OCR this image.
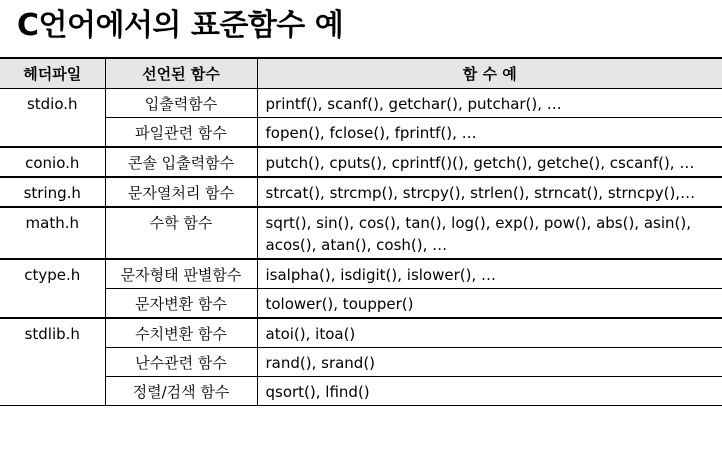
C언어에서의 표준함수 예
헤더파일	선언된 함수	함 수 예
stdio.h	입출력함수	printf(), scanf(), getchar(), putchar(), …
	파일관련 함수	fopen(), fclose(), fprintf(), …
conio.h	콘솔 입출력함수	putch(), cputs(), cprintf()(), getch(), getche(), cscanf(), …
string.h	문자열처리 함수	strcat(), strcmp(), strcpy(), strlen(), strncat(), strncpy(),…
math.h	수학 함수	sqrt(), sin(), cos(), tan(), log(), exp(), pow(), abs(), asin(), acos(), atan(), cosh(), …
ctype.h	문자형태 판별함수	isalpha(), isdigit(), islower(), …
	문자변환 함수	tolower(), toupper()
stdlib.h	수치변환 함수	atoi(), itoa()
	난수관련 함수	rand(), srand()
	정렬/검색 함수	qsort(), lfind()
